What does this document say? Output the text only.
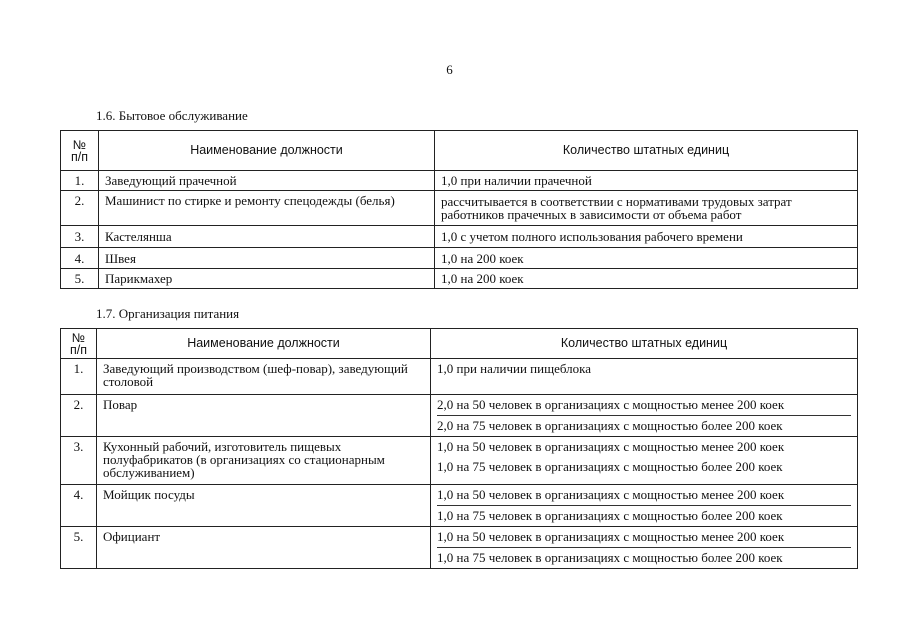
6
1.6. Бытовое обслуживание
№ п/п	Наименование должности	Количество штатных единиц
1.	Заведующий прачечной	1,0 при наличии прачечной
2.	Машинист по стирке и ремонту спецодежды (белья)	рассчитывается в соответствии с нормативами трудовых затрат работников прачечных в зависимости от объема работ
3.	Кастелянша	1,0 с учетом полного использования рабочего времени
4.	Швея	1,0 на 200 коек
5.	Парикмахер	1,0 на 200 коек
1.7. Организация питания
№ п/п	Наименование должности	Количество штатных единиц
1.	Заведующий производством (шеф-повар), заведующий столовой	1,0 при наличии пищеблока
2.	Повар	2,0 на 50 человек в организациях с мощностью менее 200 коек
2,0 на 75 человек в организациях с мощностью более 200 коек

3.	Кухонный рабочий, изготовитель пищевых полуфабрикатов (в организациях со стационарным обслуживанием)	1,0 на 50 человек в организациях с мощностью менее 200 коек
1,0 на 75 человек в организациях с мощностью более 200 коек

4.	Мойщик посуды	1,0 на 50 человек в организациях с мощностью менее 200 коек
1,0 на 75 человек в организациях с мощностью более 200 коек

5.	Официант	1,0 на 50 человек в организациях с мощностью менее 200 коек
1,0 на 75 человек в организациях с мощностью более 200 коек
